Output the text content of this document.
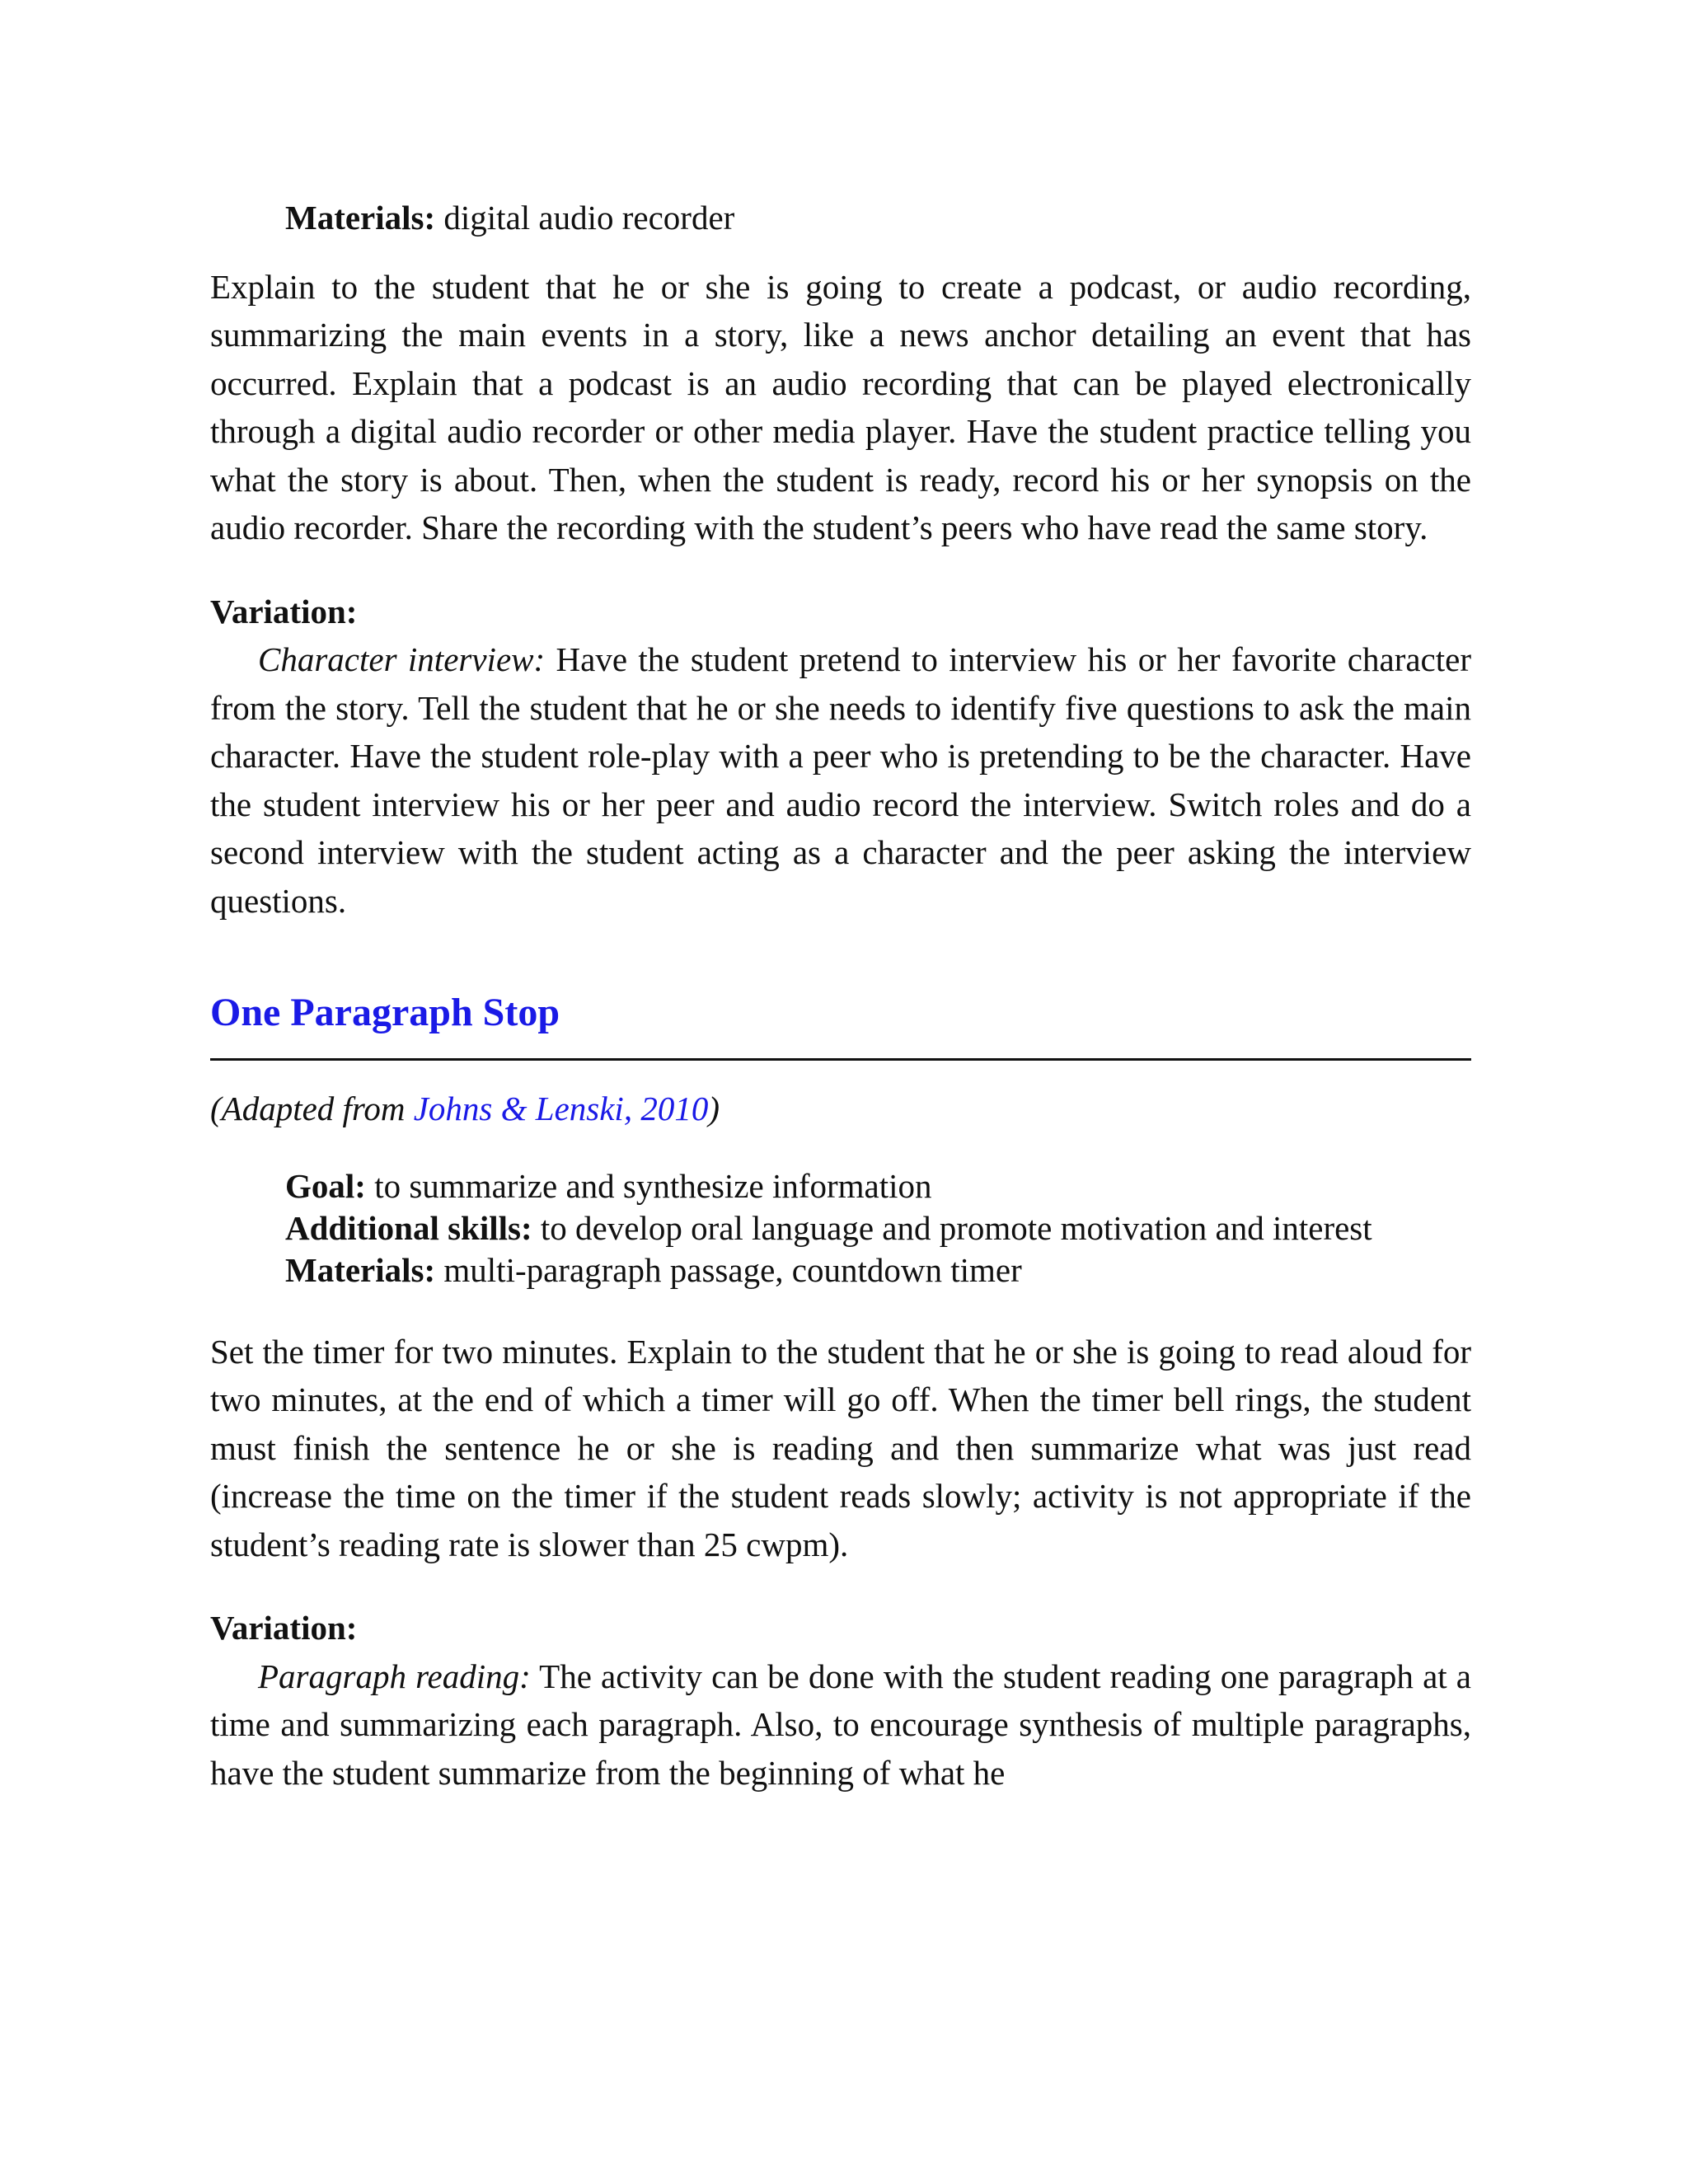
Materials: digital audio recorder

Explain to the student that he or she is going to create a podcast, or audio recording, summarizing the main events in a story, like a news anchor detailing an event that has occurred. Explain that a podcast is an audio recording that can be played electronically through a digital audio recorder or other media player. Have the student practice telling you what the story is about. Then, when the student is ready, record his or her synopsis on the audio recorder. Share the recording with the student’s peers who have read the same story.

Variation:

Character interview: Have the student pretend to interview his or her favorite character from the story. Tell the student that he or she needs to identify five questions to ask the main character. Have the student role-play with a peer who is pretending to be the character. Have the student interview his or her peer and audio record the interview. Switch roles and do a second interview with the student acting as a character and the peer asking the interview questions.

One Paragraph Stop

(Adapted from Johns & Lenski, 2010)

Goal: to summarize and synthesize information

Additional skills: to develop oral language and promote motivation and interest

Materials: multi-paragraph passage, countdown timer

Set the timer for two minutes. Explain to the student that he or she is going to read aloud for two minutes, at the end of which a timer will go off. When the timer bell rings, the student must finish the sentence he or she is reading and then summarize what was just read (increase the time on the timer if the student reads slowly; activity is not appropriate if the student’s reading rate is slower than 25 cwpm).

Variation:

Paragraph reading: The activity can be done with the student reading one paragraph at a time and summarizing each paragraph. Also, to encourage synthesis of multiple paragraphs, have the student summarize from the beginning of what he
